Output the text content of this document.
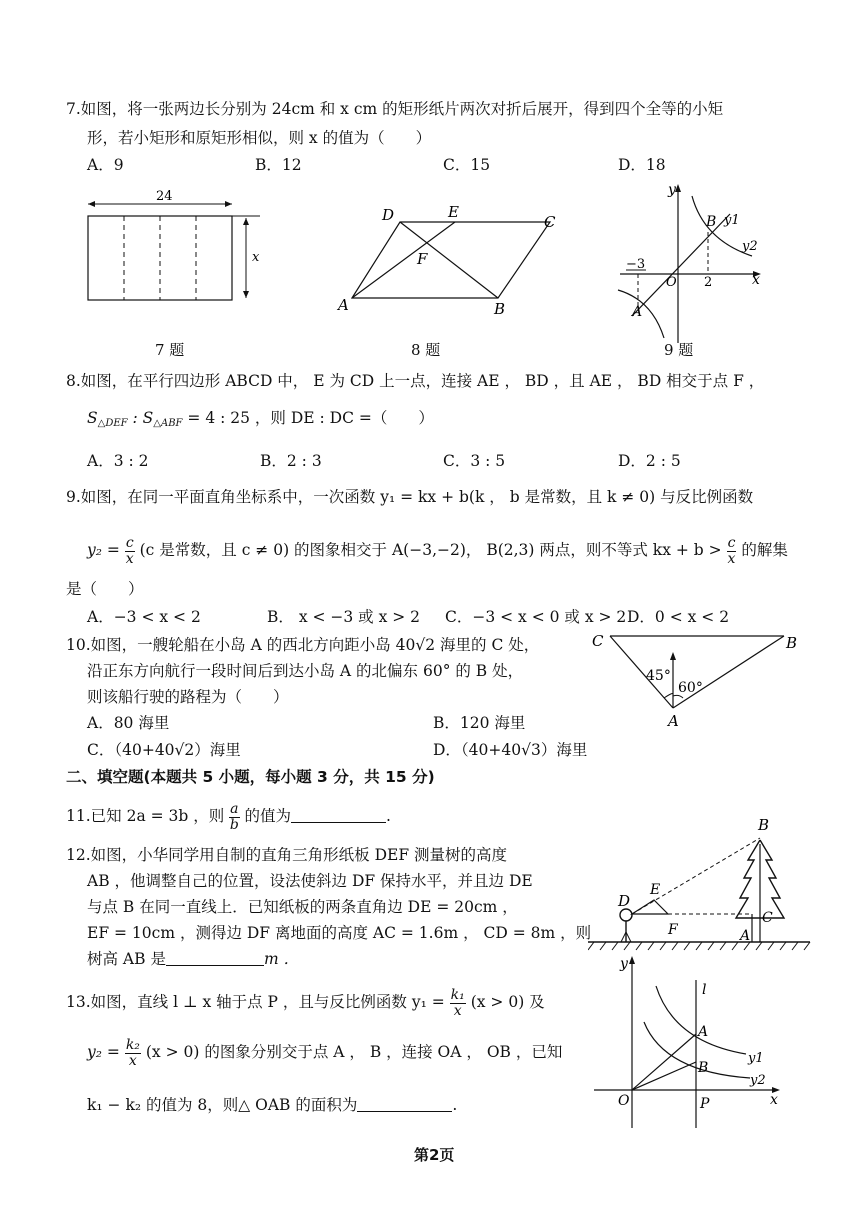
7.如图，将一张两边长分别为 24cm 和 x cm 的矩形纸片两次对折后展开，得到四个全等的小矩
形，若小矩形和原矩形相似，则 x 的值为（　　）
A．9	B．12	C．15	D．18
24
x
7 题
D	E
C
F
A	B
8 题
y
x
B y1
y2
−3
O 2
A
9 题
8.如图，在平行四边形 ABCD 中， E 为 CD 上一点，连接 AE ， BD ，且 AE ， BD 相交于点 F ，
$S_{\triangle DEF}$ : $S_{\triangle ABF} = 4$ : 25 ，则 DE : DC =（　　）
A．3 : 2	B．2 : 3	C．3 : 5	D．2 : 5
9.如图，在同一平面直角坐标系中，一次函数 y₁ = kx + b(k ， b 是常数，且 k ≠ 0) 与反比例函数
$y_2 = \frac{c}{x} (c$ 是常数，且 c ≠ 0) 的图象相交于 A(−3,−2)， B(2,3) 两点，则不等式 kx + $b > \frac{c}{x}$ 的解集
是（　　）
A．−3 < x < 2	B． x < −3 或 x > 2 C．−3 < x < 0 或 x > 2 D．0 < x < 2
10.如图，一艘轮船在小岛 A 的西北方向距小岛 40√2 海里的 C 处，
沿正东方向航行一段时间后到达小岛 A 的北偏东 60° 的 B 处，
则该船行驶的路程为（　　）
A．80 海里	B．120 海里
C．（40+40√2）海里	D．（40+40√3）海里
C	B
45°
60°
A
二、填空题(本题共 5 小题，每小题 3 分，共 15 分)
11.已知 2a = 3b ，则 $\frac{a}{b}$ 的值为	.
12.如图，小华同学用自制的直角三角形纸板 DEF 测量树的高度
AB ，他调整自己的位置，设法使斜边 DF 保持水平，并且边 DE
与点 B 在同一直线上．已知纸板的两条直角边 DE = 20cm ，
EF = 10cm ，测得边 DF 离地面的高度 AC = 1.6m ， CD = 8m ，则
树高 AB 是	m ．
B
D
E
F
C
A
13.如图，直线 l ⊥ x 轴于点 P ，且与反比例函数 $y_1 = \frac{\text{k₁}}{x} (x > 0)$ 及
$y_2 = \frac{\text{k₂}}{x} (x > 0)$ 的图象分别交于点 A ， B ，连接 OA ， OB ，已知
k₁ − k₂ 的值为 8，则△ OAB 的面积为	.
y
l
A
y1
B
y2
O	P	x
第2页
